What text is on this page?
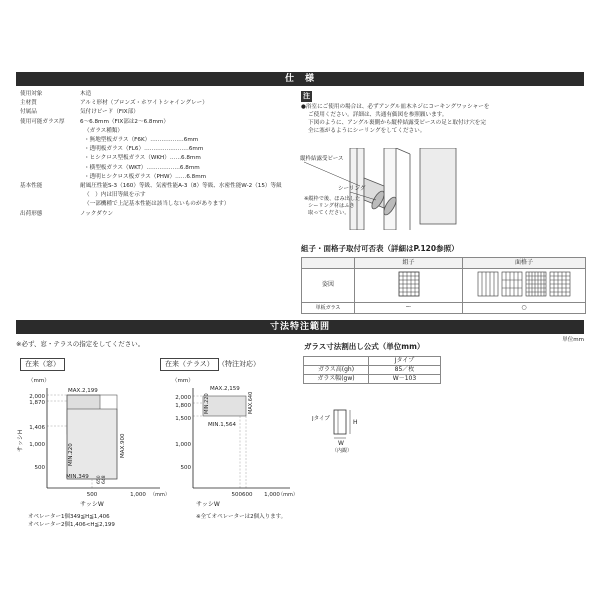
仕　様
使用対象	木造
主材質	アルミ形材（ブロンズ・ホワイトシャイングレー）
付属品	気付けビード（FIX部）
使用可能ガラス厚	6〜6.8mm（FIX部は2〜6.8mm）
（ガラス種類）
・無地型板ガラス（F6K）………………6mm
・透明板ガラス（FL6）……………………6mm
・ヒシクロス型板ガラス（WKH）……6.8mm
・横型板ガラス（WKT）………………6.8mm
・透明ヒシクロス板ガラス（PHW）……6.8mm
基本性能	耐風圧性能S-3（160）等級、気密性能A-3（8）等級、水密性能W-2（15）等級
（　）内は旧等級を示す
（一部機種で上記基本性能は該当しないものがあります）
出荷形態	ノックダウン
注
●浴室にご使用の場合は、必ずアングル皿木ネジにコーキングワッシャーを
ご使用ください。詳細は、共通有価図を参照願います。
下図のように、アングル裏側から縦枠結露受ピースの足と取付け穴を完
全に塞がるようにシーリングをしてください。
縦枠結露受ピース
シーリング
※縦枠で後、ほみ出した
シーリング材はふき
取ってください。
組子・面格子取付可否表（詳細はP.120参照）
	組子	面格子
姿図		
単板ガラス	ー	○
寸法特注範囲
単位mm
※必ず、窓・テラスの指定をしてください。
在来（窓）
（mm）
2,000
1,870
1,406
1,000
500
500	1,000 （mm）
MAX.2,199
MIN.220	MAX.900
MIN.349 650 648
サッシH
サッシW
オペレーター1個349≦H≦1,406
オペレーター2個1,406<H≦2,199
在来（テラス） （特注対応）
（mm）
2,000
1,800
1,500
1,000
500
500600 1,000
（mm）
MAX.2,159
MIN.1,564
MIN.220	MAX.640
サッシW
※全てオペレーターは2個入ります。
ガラス寸法割出し公式（単位mm）
	Jタイプ
ガラス高(gh)	85／枚
ガラス幅(gw)	W－103
Jタイプ	H
W
（内観）
